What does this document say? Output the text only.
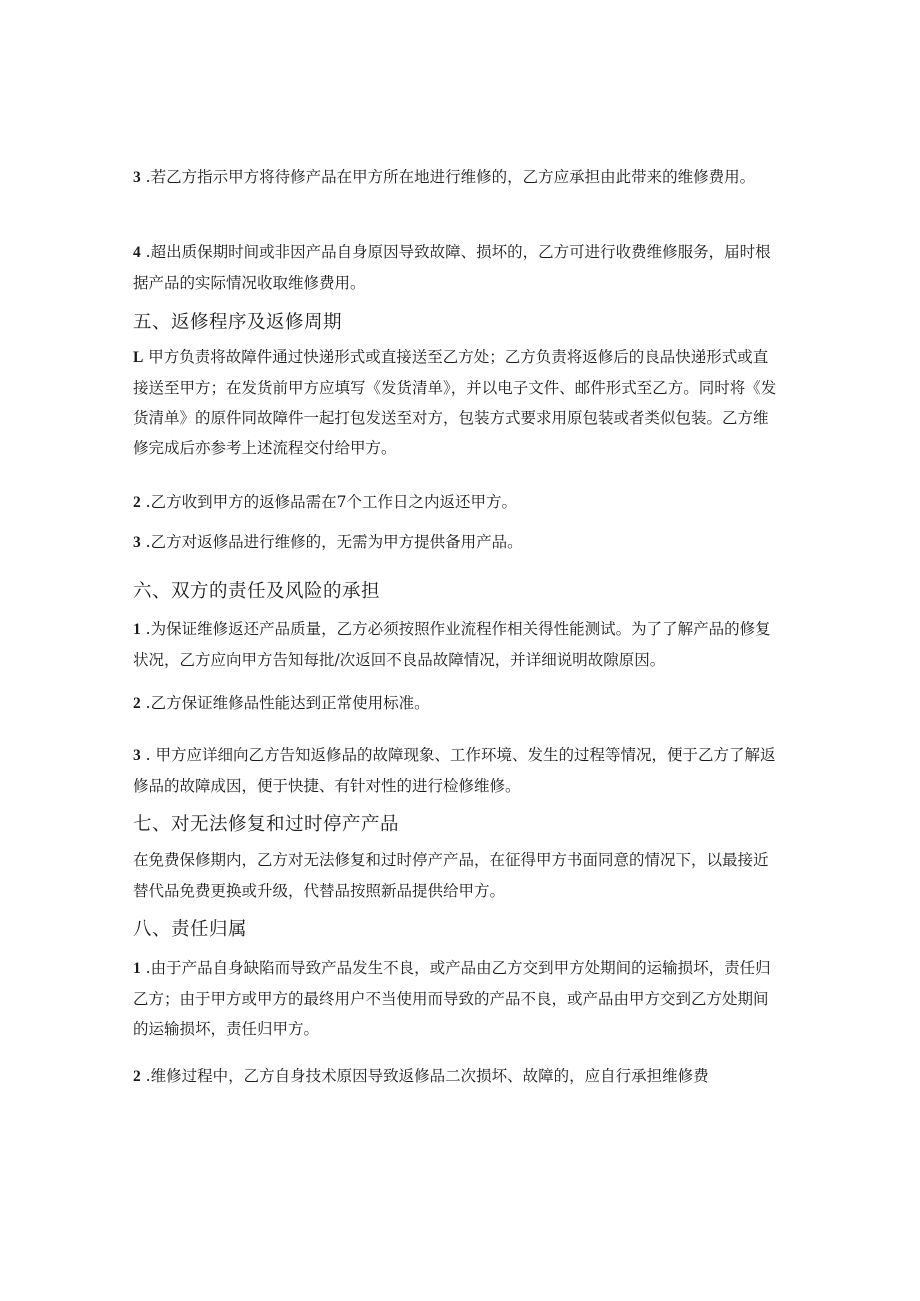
3 .若乙方指示甲方将待修产品在甲方所在地进行维修的，乙方应承担由此带来的维修费用。

4 .超出质保期时间或非因产品自身原因导致故障、损坏的，乙方可进行收费维修服务，届时根据产品的实际情况收取维修费用。

五、返修程序及返修周期

L 甲方负责将故障件通过快递形式或直接送至乙方处；乙方负责将返修后的良品快递形式或直接送至甲方；在发货前甲方应填写《发货清单》，并以电子文件、邮件形式至乙方。同时将《发货清单》的原件同故障件一起打包发送至对方，包装方式要求用原包装或者类似包装。乙方维修完成后亦参考上述流程交付给甲方。

2 .乙方收到甲方的返修品需在7个工作日之内返还甲方。

3 .乙方对返修品进行维修的，无需为甲方提供备用产品。

六、双方的责任及风险的承担

1 .为保证维修返还产品质量，乙方必须按照作业流程作相关得性能测试。为了了解产品的修复状况，乙方应向甲方告知每批/次返回不良品故障情况，并详细说明故隙原因。

2 .乙方保证维修品性能达到正常使用标准。

3 . 甲方应详细向乙方告知返修品的故障现象、工作环境、发生的过程等情况，便于乙方了解返修品的故障成因，便于快捷、有针对性的进行检修维修。

七、对无法修复和过时停产产品

在免费保修期内，乙方对无法修复和过时停产产品，在征得甲方书面同意的情况下，以最接近替代品免费更换或升级，代替品按照新品提供给甲方。

八、责任归属

1 .由于产品自身缺陷而导致产品发生不良，或产品由乙方交到甲方处期间的运输损坏，责任归乙方；由于甲方或甲方的最终用户不当使用而导致的产品不良，或产品由甲方交到乙方处期间的运输损坏，责任归甲方。

2 .维修过程中，乙方自身技术原因导致返修品二次损坏、故障的，应自行承担维修费
